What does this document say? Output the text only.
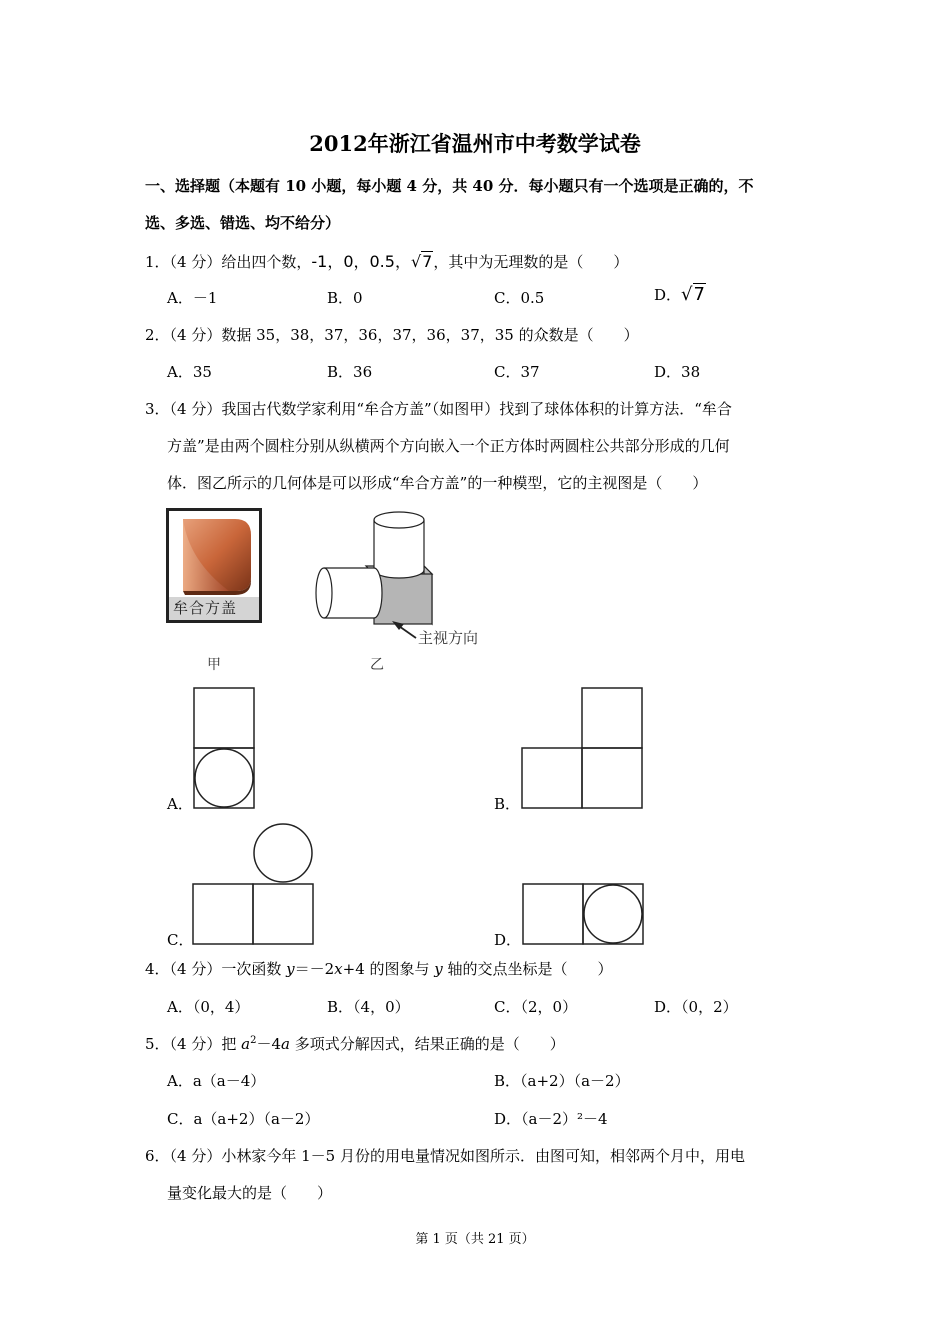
2012年浙江省温州市中考数学试卷
一、选择题（本题有 10 小题，每小题 4 分，共 40 分．每小题只有一个选项是正确的，不
选、多选、错选、均不给分）
1．（4 分）给出四个数，-1，0，0.5，√7，其中为无理数的是（　　）
A．－1	B．0	C．0.5	D．√7
2．（4 分）数据 35，38，37，36，37，36，37，35 的众数是（　　）
A．35	B．36	C．37	D．38
3．（4 分）我国古代数学家利用“牟合方盖”（如图甲）找到了球体体积的计算方法．“牟合
方盖”是由两个圆柱分别从纵横两个方向嵌入一个正方体时两圆柱公共部分形成的几何
体．图乙所示的几何体是可以形成“牟合方盖”的一种模型，它的主视图是（　　）
牟合方盖
甲
主视方向
乙
A．	B．
C．	D．
4．（4 分）一次函数 y＝－2x+4 的图象与 y 轴的交点坐标是（　　）
A．（0，4）	B．（4，0）	C．（2，0）	D．（0，2）
5．（4 分）把 $a^2-4a$ 多项式分解因式，结果正确的是（　　）
A．a（a－4）	B．（a+2）（a－2）
C．a（a+2）（a－2）	D．（a－2）²－4
6．（4 分）小林家今年 1－5 月份的用电量情况如图所示．由图可知，相邻两个月中，用电
量变化最大的是（　　）
第 1 页（共 21 页）
